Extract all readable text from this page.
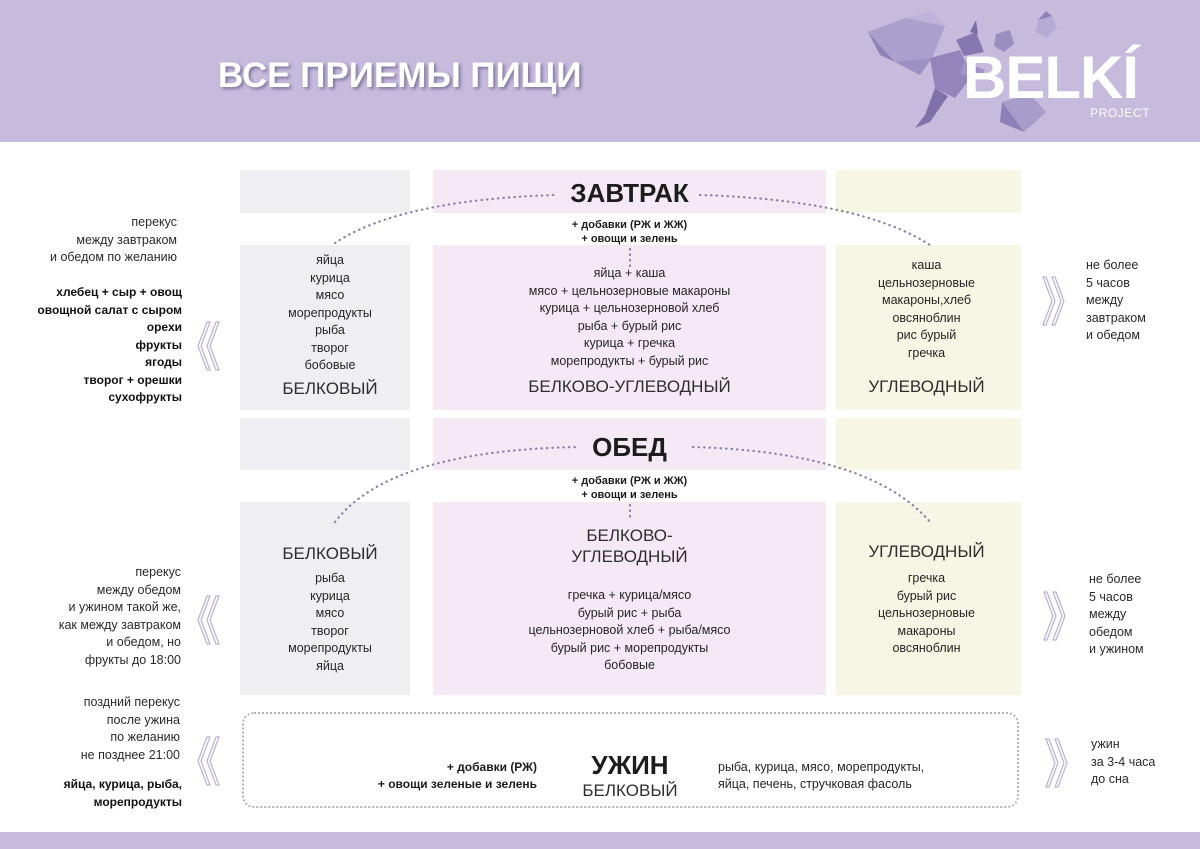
ВСЕ ПРИЕМЫ ПИЩИ	BELKÍ
PROJECT
ЗАВТРАК
+ добавки (РЖ и ЖЖ)
+ овощи и зелень
яйца
курица
мясо
морепродукты
рыба
творог
бобовые
БЕЛКОВЫЙ
яйца + каша
мясо + цельнозерновые макароны
курица + цельнозерновой хлеб
рыба + бурый рис
курица + гречка
морепродукты + бурый рис
БЕЛКОВО-УГЛЕВОДНЫЙ
каша
цельнозерновые
макароны,хлеб
овсяноблин
рис бурый
гречка
УГЛЕВОДНЫЙ
перекус
между завтраком
и обедом по желанию
хлебец + сыр + овощ
овощной салат с сыром
орехи
фрукты
ягоды
творог + орешки
сухофрукты
не более
5 часов
между
завтраком
и обедом
ОБЕД
+ добавки (РЖ и ЖЖ)
+ овощи и зелень
БЕЛКОВЫЙ
рыба
курица
мясо
творог
морепродукты
яйца
БЕЛКОВО-
УГЛЕВОДНЫЙ
гречка + курица/мясо
бурый рис + рыба
цельнозерновой хлеб + рыба/мясо
бурый рис + морепродукты
бобовые
УГЛЕВОДНЫЙ
гречка
бурый рис
цельнозерновые
макароны
овсяноблин
перекус
между обедом
и ужином такой же,
как между завтраком
и обедом, но
фрукты до 18:00
не более
5 часов
между
обедом
и ужином
+ добавки (РЖ)
+ овощи зеленые и зелень
УЖИН
БЕЛКОВЫЙ
рыба, курица, мясо, морепродукты,
яйца, печень, стручковая фасоль
поздний перекус
после ужина
по желанию
не позднее 21:00
яйца, курица, рыба,
морепродукты
ужин
за 3-4 часа
до сна
